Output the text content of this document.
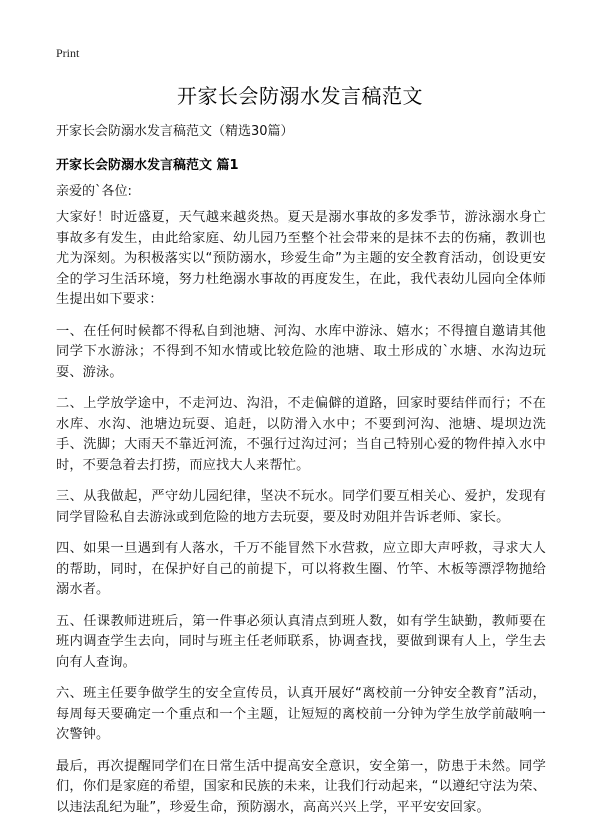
Print
开家长会防溺水发言稿范文
开家长会防溺水发言稿范文（精选30篇）
开家长会防溺水发言稿范文 篇1
亲爱的`各位:

大家好！时近盛夏，天气越来越炎热。夏天是溺水事故的多发季节，游泳溺水身亡事故多有发生，由此给家庭、幼儿园乃至整个社会带来的是抹不去的伤痛，教训也尤为深刻。为积极落实以“预防溺水，珍爱生命”为主题的安全教育活动，创设更安全的学习生活环境，努力杜绝溺水事故的再度发生，在此，我代表幼儿园向全体师生提出如下要求：

一、在任何时候都不得私自到池塘、河沟、水库中游泳、嬉水；不得擅自邀请其他同学下水游泳；不得到不知水情或比较危险的池塘、取土形成的`水塘、水沟边玩耍、游泳。

二、上学放学途中，不走河边、沟沿，不走偏僻的道路，回家时要结伴而行；不在水库、水沟、池塘边玩耍、追赶，以防滑入水中；不要到河沟、池塘、堤坝边洗手、洗脚；大雨天不靠近河流，不强行过沟过河；当自己特别心爱的物件掉入水中时，不要急着去打捞，而应找大人来帮忙。

三、从我做起，严守幼儿园纪律，坚决不玩水。同学们要互相关心、爱护，发现有同学冒险私自去游泳或到危险的地方去玩耍，要及时劝阻并告诉老师、家长。

四、如果一旦遇到有人落水，千万不能冒然下水营救，应立即大声呼救，寻求大人的帮助，同时，在保护好自己的前提下，可以将救生圈、竹竿、木板等漂浮物抛给溺水者。

五、任课教师进班后，第一件事必须认真清点到班人数，如有学生缺勤，教师要在班内调查学生去向，同时与班主任老师联系，协调查找，要做到课有人上，学生去向有人查询。

六、班主任要争做学生的安全宣传员，认真开展好“离校前一分钟安全教育”活动，每周每天要确定一个重点和一个主题，让短短的离校前一分钟为学生放学前敲响一次警钟。

最后，再次提醒同学们在日常生活中提高安全意识，安全第一，防患于未然。同学们，你们是家庭的希望，国家和民族的未来，让我们行动起来，“以遵纪守法为荣、以违法乱纪为耻”，珍爱生命，预防溺水，高高兴兴上学，平平安安回家。
